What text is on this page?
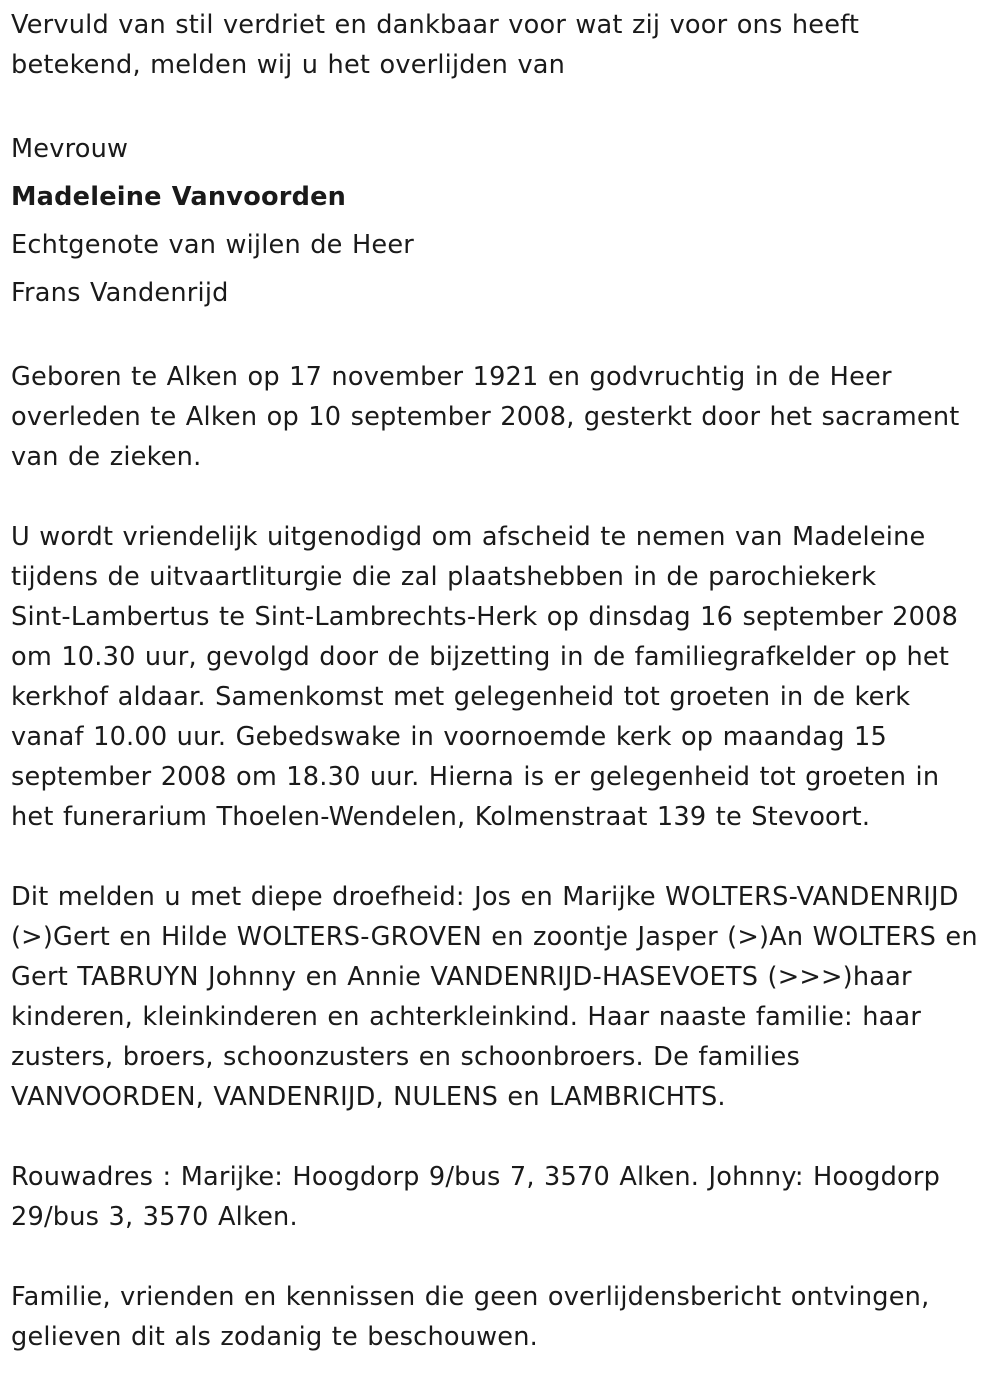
Vervuld van stil verdriet en dankbaar voor wat zij voor ons heeft
betekend, melden wij u het overlijden van
Mevrouw
Madeleine Vanvoorden
Echtgenote van wijlen de Heer
Frans Vandenrijd
Geboren te Alken op 17 november 1921 en godvruchtig in de Heer
overleden te Alken op 10 september 2008, gesterkt door het sacrament
van de zieken.
U wordt vriendelijk uitgenodigd om afscheid te nemen van Madeleine
tijdens de uitvaartliturgie die zal plaatshebben in de parochiekerk
Sint-Lambertus te Sint-Lambrechts-Herk op dinsdag 16 september 2008
om 10.30 uur, gevolgd door de bijzetting in de familiegrafkelder op het
kerkhof aldaar. Samenkomst met gelegenheid tot groeten in de kerk
vanaf 10.00 uur. Gebedswake in voornoemde kerk op maandag 15
september 2008 om 18.30 uur. Hierna is er gelegenheid tot groeten in
het funerarium Thoelen-Wendelen, Kolmenstraat 139 te Stevoort.
Dit melden u met diepe droefheid: Jos en Marijke WOLTERS-VANDENRIJD
(>)Gert en Hilde WOLTERS-GROVEN en zoontje Jasper (>)An WOLTERS en
Gert TABRUYN Johnny en Annie VANDENRIJD-HASEVOETS (>>>)haar
kinderen, kleinkinderen en achterkleinkind. Haar naaste familie: haar
zusters, broers, schoonzusters en schoonbroers. De families
VANVOORDEN, VANDENRIJD, NULENS en LAMBRICHTS.
Rouwadres : Marijke: Hoogdorp 9/bus 7, 3570 Alken. Johnny: Hoogdorp
29/bus 3, 3570 Alken.
Familie, vrienden en kennissen die geen overlijdensbericht ontvingen,
gelieven dit als zodanig te beschouwen.
